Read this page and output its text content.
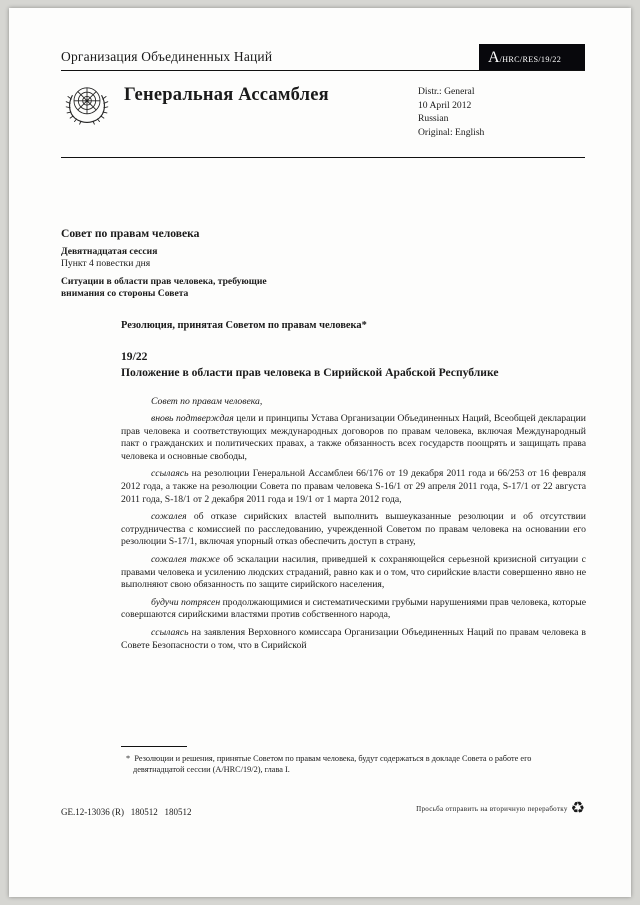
Организация Объединенных Наций	A /HRC/RES/19/22
Генеральная Ассамблея	Distr.: General
10 April 2012
Russian
Original: English
Совет по правам человека
Девятнадцатая сессия
Пункт 4 повестки дня
Ситуации в области прав человека, требующие
внимания со стороны Совета

Резолюция, принятая Советом по правам человека*

19/22
Положение в области прав человека в Сирийской Арабской Республике

Совет по правам человека,

вновь подтверждая цели и принципы Устава Организации Объединенных Наций, Всеобщей декларации прав человека и соответствующих международных договоров по правам человека, включая Международный пакт о гражданских и политических правах, а также обязанность всех государств поощрять и защищать права человека и основные свободы,

ссылаясь на резолюции Генеральной Ассамблеи 66/176 от 19 декабря 2011 года и 66/253 от 16 февраля 2012 года, а также на резолюции Совета по правам человека S-16/1 от 29 апреля 2011 года, S-17/1 от 22 августа 2011 года, S-18/1 от 2 декабря 2011 года и 19/1 от 1 марта 2012 года,

сожалея об отказе сирийских властей выполнить вышеуказанные резолюции и об отсутствии сотрудничества с комиссией по расследованию, учрежденной Советом по правам человека на основании его резолюции S-17/1, включая упорный отказ обеспечить доступ в страну,

сожалея также об эскалации насилия, приведшей к сохраняющейся серьезной кризисной ситуации с правами человека и усилению людских страданий, равно как и о том, что сирийские власти совершенно явно не выполняют свою обязанность по защите сирийского населения,

будучи потрясен продолжающимися и систематическими грубыми нарушениями прав человека, которые совершаются сирийскими властями против собственного народа,

ссылаясь на заявления Верховного комиссара Организации Объединенных Наций по правам человека в Совете Безопасности о том, что в Сирийской

* Резолюции и решения, принятые Советом по правам человека, будут содержаться в докладе Совета о работе его девятнадцатой сессии (A/HRC/19/2), глава I.

GE.12-13036 (R)   180512   180512	Просьба отправить на вторичную переработку ♻
